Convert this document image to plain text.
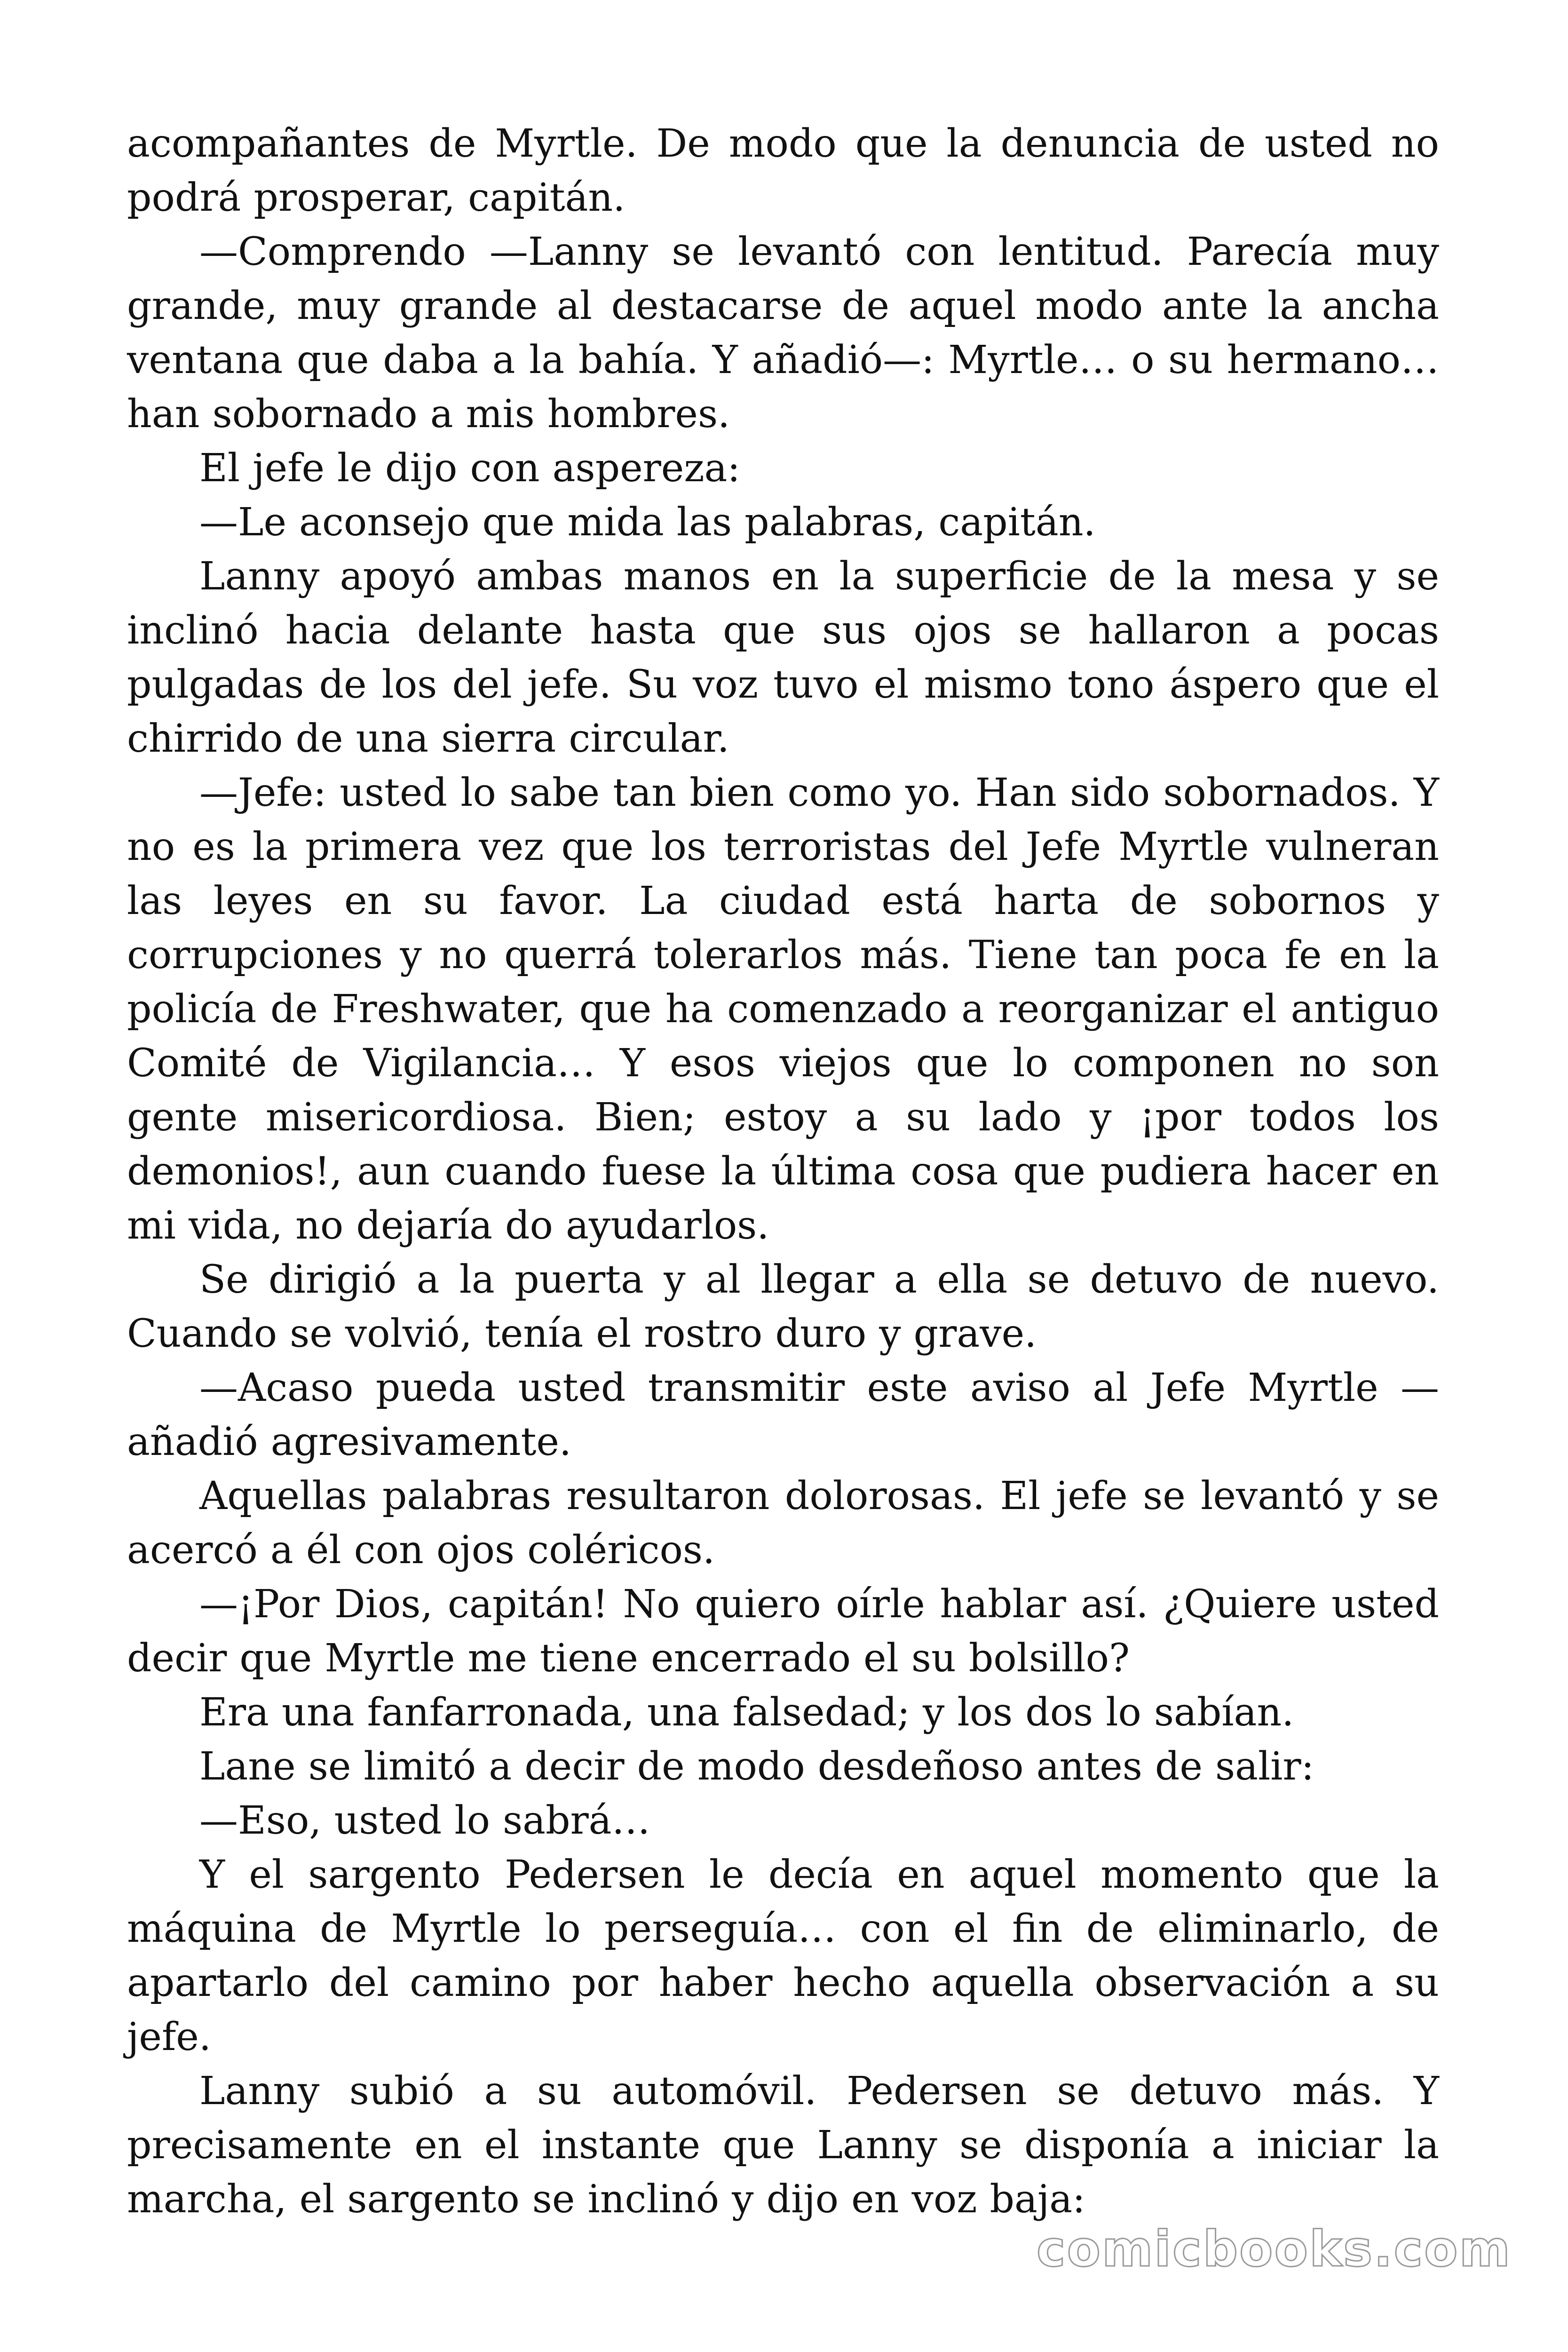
acompañantes de Myrtle. De modo que la denuncia de usted no podrá prosperar, capitán.

—Comprendo —Lanny se levantó con lentitud. Parecía muy grande, muy grande al destacarse de aquel modo ante la ancha ventana que daba a la bahía. Y añadió—: Myrtle… o su hermano… han sobornado a mis hombres.

El jefe le dijo con aspereza:

—Le aconsejo que mida las palabras, capitán.

Lanny apoyó ambas manos en la superficie de la mesa y se inclinó hacia delante hasta que sus ojos se hallaron a pocas pulgadas de los del jefe. Su voz tuvo el mismo tono áspero que el chirrido de una sierra circular.

—Jefe: usted lo sabe tan bien como yo. Han sido sobornados. Y no es la primera vez que los terroristas del Jefe Myrtle vulneran las leyes en su favor. La ciudad está harta de sobornos y corrupciones y no querrá tolerarlos más. Tiene tan poca fe en la policía de Freshwater, que ha comenzado a reorganizar el antiguo Comité de Vigilancia… Y esos viejos que lo componen no son gente misericordiosa. Bien; estoy a su lado y ¡por todos los demonios!, aun cuando fuese la última cosa que pudiera hacer en mi vida, no dejaría do ayudarlos.

Se dirigió a la puerta y al llegar a ella se detuvo de nuevo. Cuando se volvió, tenía el rostro duro y grave.

—Acaso pueda usted transmitir este aviso al Jefe Myrtle —añadió agresivamente.

Aquellas palabras resultaron dolorosas. El jefe se levantó y se acercó a él con ojos coléricos.

—¡Por Dios, capitán! No quiero oírle hablar así. ¿Quiere usted decir que Myrtle me tiene encerrado el su bolsillo?

Era una fanfarronada, una falsedad; y los dos lo sabían.

Lane se limitó a decir de modo desdeñoso antes de salir:

—Eso, usted lo sabrá…

Y el sargento Pedersen le decía en aquel momento que la máquina de Myrtle lo perseguía… con el fin de eliminarlo, de apartarlo del camino por haber hecho aquella observación a su jefe.

Lanny subió a su automóvil. Pedersen se detuvo más. Y precisamente en el instante que Lanny se disponía a iniciar la marcha, el sargento se inclinó y dijo en voz baja:

comicbooks.com
